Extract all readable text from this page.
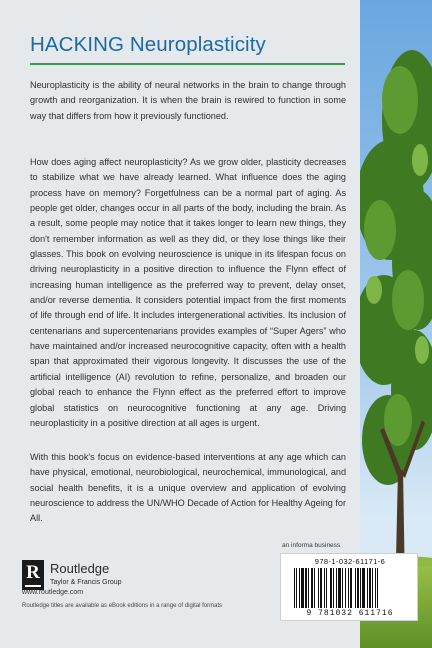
HACKING Neuroplasticity

Neuroplasticity is the ability of neural networks in the brain to change through growth and reorganization. It is when the brain is rewired to function in some way that differs from how it previously functioned.

How does aging affect neuroplasticity? As we grow older, plasticity decreases to stabilize what we have already learned. What influence does the aging process have on memory? Forgetfulness can be a normal part of aging. As people get older, changes occur in all parts of the body, including the brain. As a result, some people may notice that it takes longer to learn new things, they don't remember information as well as they did, or they lose things like their glasses. This book on evolving neuroscience is unique in its lifespan focus on driving neuroplasticity in a positive direction to influence the Flynn effect of increasing human intelligence as the preferred way to prevent, delay onset, and/or reverse dementia. It considers potential impact from the first moments of life through end of life. It includes intergenerational activities. Its inclusion of centenarians and supercentenarians provides examples of “Super Agers” who have maintained and/or increased neurocognitive capacity, often with a health span that approximated their vigorous longevity. It discusses the use of the artificial intelligence (AI) revolution to refine, personalize, and broaden our global reach to enhance the Flynn effect as the preferred effort to improve global statistics on neurocognitive functioning at any age. Driving neuroplasticity in a positive direction at all ages is urgent.

With this book's focus on evidence-based interventions at any age which can have physical, emotional, neurobiological, neurochemical, immunological, and social health benefits, it is a unique overview and application of evolving neuroscience to address the UN/WHO Decade of Action for Healthy Ageing for All.

R Routledge
Taylor & Francis Group
www.routledge.com
Routledge titles are available as eBook editions in a range of digital formats
an informa business
978-1-032-61171-6
9 781032 611716
